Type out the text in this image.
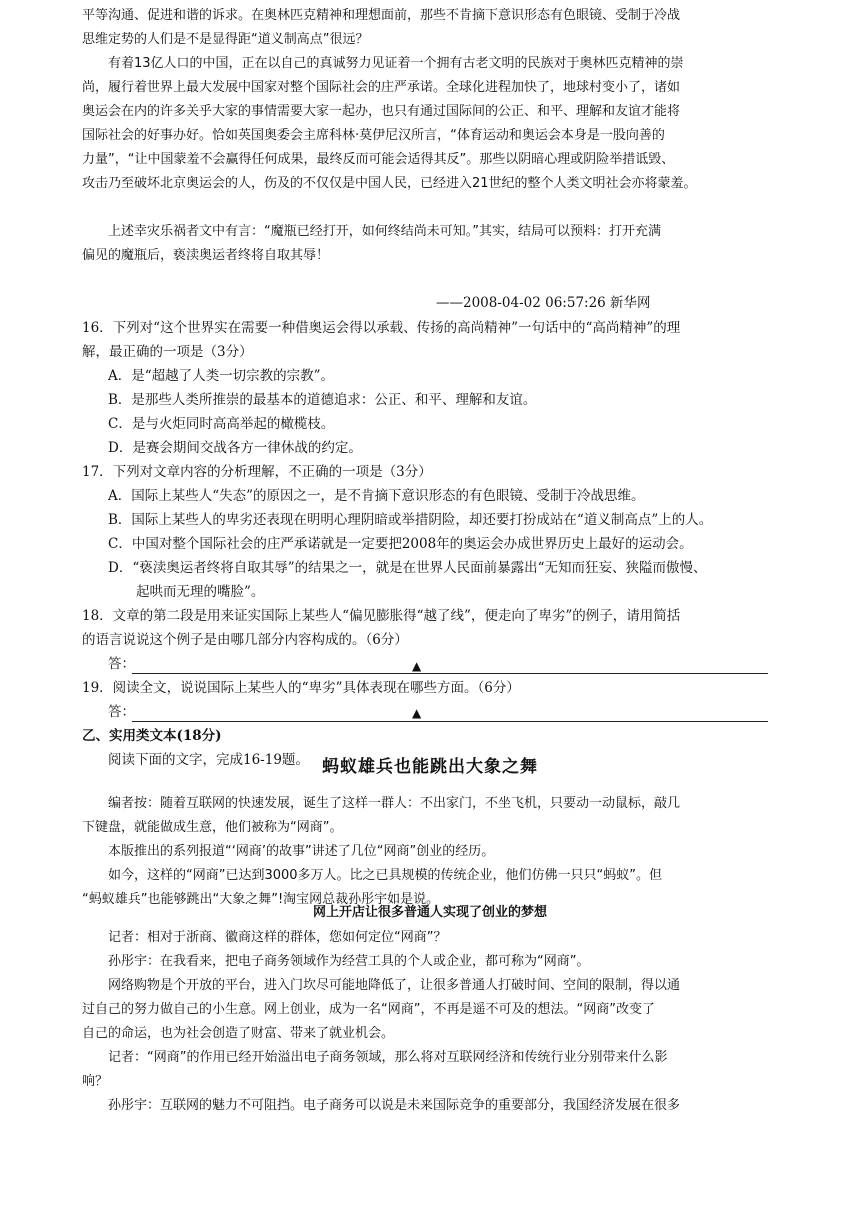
平等沟通、促进和谐的诉求。在奥林匹克精神和理想面前，那些不肯摘下意识形态有色眼镜、受制于冷战
思维定势的人们是不是显得距“道义制高点”很远？
有着13亿人口的中国，正在以自己的真诚努力见证着一个拥有古老文明的民族对于奥林匹克精神的崇
尚，履行着世界上最大发展中国家对整个国际社会的庄严承诺。全球化进程加快了，地球村变小了，诸如
奥运会在内的许多关乎大家的事情需要大家一起办，也只有通过国际间的公正、和平、理解和友谊才能将
国际社会的好事办好。恰如英国奥委会主席科林·莫伊尼汉所言，“体育运动和奥运会本身是一股向善的
力量”，“让中国蒙羞不会赢得任何成果，最终反而可能会适得其反”。那些以阴暗心理或阴险举措诋毁、
攻击乃至破坏北京奥运会的人，伤及的不仅仅是中国人民，已经进入21世纪的整个人类文明社会亦将蒙羞。
上述幸灾乐祸者文中有言：“魔瓶已经打开，如何终结尚未可知。”其实，结局可以预料：打开充满
偏见的魔瓶后，亵渎奥运者终将自取其辱！
——2008-04-02 06:57:26 新华网
16．下列对“这个世界实在需要一种借奥运会得以承载、传扬的高尚精神”一句话中的“高尚精神”的理
解，最正确的一项是（3分）
A．是“超越了人类一切宗教的宗教”。
B．是那些人类所推崇的最基本的道德追求：公正、和平、理解和友谊。
C．是与火炬同时高高举起的橄榄枝。
D．是赛会期间交战各方一律休战的约定。
17．下列对文章内容的分析理解，不正确的一项是（3分）
A．国际上某些人“失态”的原因之一，是不肯摘下意识形态的有色眼镜、受制于冷战思维。
B．国际上某些人的卑劣还表现在明明心理阴暗或举措阴险，却还要打扮成站在“道义制高点”上的人。
C．中国对整个国际社会的庄严承诺就是一定要把2008年的奥运会办成世界历史上最好的运动会。
D．“亵渎奥运者终将自取其辱”的结果之一，就是在世界人民面前暴露出“无知而狂妄、狭隘而傲慢、
起哄而无理的嘴脸”。
18．文章的第二段是用来证实国际上某些人“偏见膨胀得“越了线”，便走向了卑劣”的例子，请用简括
的语言说说这个例子是由哪几部分内容构成的。（6分）
答：	▲
19．阅读全文，说说国际上某些人的“卑劣”具体表现在哪些方面。（6分）
答：	▲
乙、实用类文本(18分)
阅读下面的文字，完成16-19题。 蚂蚁雄兵也能跳出大象之舞
编者按：随着互联网的快速发展，诞生了这样一群人：不出家门，不坐飞机，只要动一动鼠标，敲几
下键盘，就能做成生意，他们被称为“网商”。
本版推出的系列报道“‘网商’的故事”讲述了几位“网商”创业的经历。
如今，这样的“网商”已达到3000多万人。比之已具规模的传统企业，他们仿佛一只只“蚂蚁”。但
“蚂蚁雄兵”也能够跳出“大象之舞”!淘宝网总裁孙彤宇如是说。
网上开店让很多普通人实现了创业的梦想
记者：相对于浙商、徽商这样的群体，您如何定位“网商”？
孙彤宇：在我看来，把电子商务领域作为经营工具的个人或企业，都可称为“网商”。
网络购物是个开放的平台，进入门坎尽可能地降低了，让很多普通人打破时间、空间的限制，得以通
过自己的努力做自己的小生意。网上创业，成为一名“网商”，不再是遥不可及的想法。“网商”改变了
自己的命运，也为社会创造了财富、带来了就业机会。
记者：“网商”的作用已经开始溢出电子商务领域，那么将对互联网经济和传统行业分别带来什么影
响？
孙彤宇：互联网的魅力不可阻挡。电子商务可以说是未来国际竞争的重要部分，我国经济发展在很多
